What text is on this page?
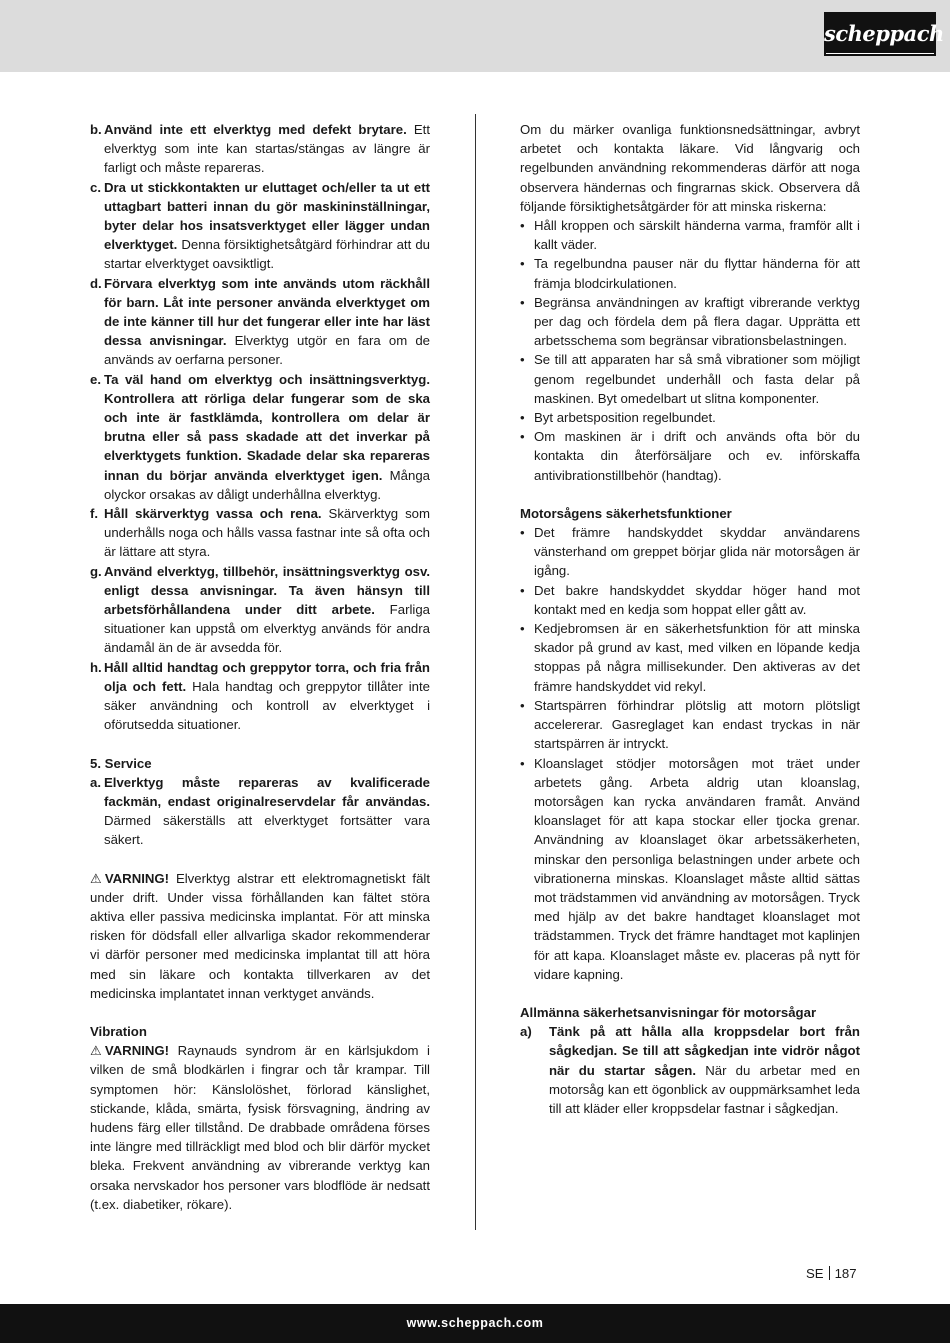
scheppach
b. Använd inte ett elverktyg med defekt brytare. Ett elverktyg som inte kan startas/stängas av längre är farligt och måste repareras.
c. Dra ut stickkontakten ur eluttaget och/eller ta ut ett uttagbart batteri innan du gör maskininställningar, byter delar hos insatsverktyget eller lägger undan elverktyget. Denna försiktighetsåtgärd förhindrar att du startar elverktyget oavsiktligt.
d. Förvara elverktyg som inte används utom räckhåll för barn. Låt inte personer använda elverktyget om de inte känner till hur det fungerar eller inte har läst dessa anvisningar. Elverktyg utgör en fara om de används av oerfarna personer.
e. Ta väl hand om elverktyg och insättningsverktyg. Kontrollera att rörliga delar fungerar som de ska och inte är fastklämda, kontrollera om delar är brutna eller så pass skadade att det inverkar på elverktygets funktion. Skadade delar ska repareras innan du börjar använda elverktyget igen. Många olyckor orsakas av dåligt underhållna elverktyg.
f. Håll skärverktyg vassa och rena. Skärverktyg som underhålls noga och hålls vassa fastnar inte så ofta och är lättare att styra.
g. Använd elverktyg, tillbehör, insättningsverktyg osv. enligt dessa anvisningar. Ta även hänsyn till arbetsförhållandena under ditt arbete. Farliga situationer kan uppstå om elverktyg används för andra ändamål än de är avsedda för.
h. Håll alltid handtag och greppytor torra, och fria från olja och fett. Hala handtag och greppytor tillåter inte säker användning och kontroll av elverktyget i oförutsedda situationer.

5. Service

a. Elverktyg måste repareras av kvalificerade fackmän, endast originalreservdelar får användas. Därmed säkerställs att elverktyget fortsätter vara säkert.

⚠ VARNING! Elverktyg alstrar ett elektromagnetiskt fält under drift. Under vissa förhållanden kan fältet störa aktiva eller passiva medicinska implantat. För att minska risken för dödsfall eller allvarliga skador rekommenderar vi därför personer med medicinska implantat till att höra med sin läkare och kontakta tillverkaren av det medicinska implantatet innan verktyget används.

Vibration

⚠ VARNING! Raynauds syndrom är en kärlsjukdom i vilken de små blodkärlen i fingrar och tår krampar. Till symptomen hör: Känslolöshet, förlorad känslighet, stickande, klåda, smärta, fysisk försvagning, ändring av hudens färg eller tillstånd. De drabbade områdena förses inte längre med tillräckligt med blod och blir därför mycket bleka. Frekvent användning av vibrerande verktyg kan orsaka nervskador hos personer vars blodflöde är nedsatt (t.ex. diabetiker, rökare).

Om du märker ovanliga funktionsnedsättningar, avbryt arbetet och kontakta läkare. Vid långvarig och regelbunden användning rekommenderas därför att noga observera händernas och fingrarnas skick. Observera då följande försiktighetsåtgärder för att minska riskerna:

• Håll kroppen och särskilt händerna varma, framför allt i kallt väder.
• Ta regelbundna pauser när du flyttar händerna för att främja blodcirkulationen.
• Begränsa användningen av kraftigt vibrerande verktyg per dag och fördela dem på flera dagar. Upprätta ett arbetsschema som begränsar vibrationsbelastningen.
• Se till att apparaten har så små vibrationer som möjligt genom regelbundet underhåll och fasta delar på maskinen. Byt omedelbart ut slitna komponenter.
• Byt arbetsposition regelbundet.
• Om maskinen är i drift och används ofta bör du kontakta din återförsäljare och ev. införskaffa antivibrationstillbehör (handtag).

Motorsågens säkerhetsfunktioner

• Det främre handskyddet skyddar användarens vänsterhand om greppet börjar glida när motorsågen är igång.
• Det bakre handskyddet skyddar höger hand mot kontakt med en kedja som hoppat eller gått av.
• Kedjebromsen är en säkerhetsfunktion för att minska skador på grund av kast, med vilken en löpande kedja stoppas på några millisekunder. Den aktiveras av det främre handskyddet vid rekyl.
• Startspärren förhindrar plötslig att motorn plötsligt accelererar. Gasreglaget kan endast tryckas in när startspärren är intryckt.
• Kloanslaget stödjer motorsågen mot träet under arbetets gång. Arbeta aldrig utan kloanslag, motorsågen kan rycka användaren framåt. Använd kloanslaget för att kapa stockar eller tjocka grenar. Användning av kloanslaget ökar arbetssäkerheten, minskar den personliga belastningen under arbete och vibrationerna minskas. Kloanslaget måste alltid sättas mot trädstammen vid användning av motorsågen. Tryck med hjälp av det bakre handtaget kloanslaget mot trädstammen. Tryck det främre handtaget mot kaplinjen för att kapa. Kloanslaget måste ev. placeras på nytt för vidare kapning.

Allmänna säkerhetsanvisningar för motorsågar

a) Tänk på att hålla alla kroppsdelar bort från sågkedjan. Se till att sågkedjan inte vidrör något när du startar sågen. När du arbetar med en motorsåg kan ett ögonblick av ouppmärksamhet leda till att kläder eller kroppsdelar fastnar i sågkedjan.
SE 187
www.scheppach.com
